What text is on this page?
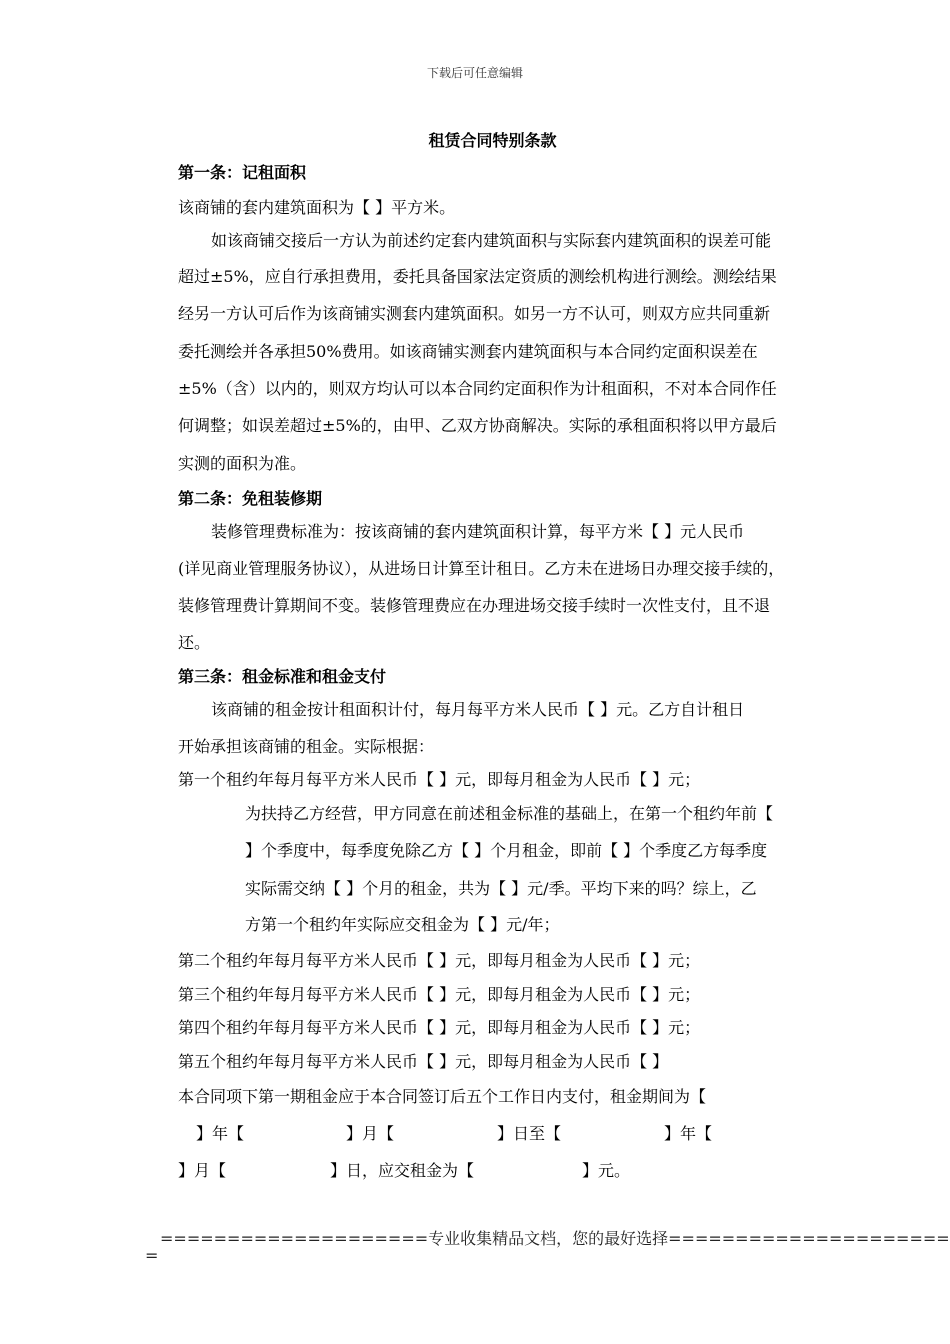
下载后可任意编辑
租赁合同特别条款
第一条：记租面积
该商铺的套内建筑面积为【 】平方米。
如该商铺交接后一方认为前述约定套内建筑面积与实际套内建筑面积的误差可能
超过±5%，应自行承担费用，委托具备国家法定资质的测绘机构进行测绘。测绘结果
经另一方认可后作为该商铺实测套内建筑面积。如另一方不认可，则双方应共同重新
委托测绘并各承担50%费用。如该商铺实测套内建筑面积与本合同约定面积误差在
±5%（含）以内的，则双方均认可以本合同约定面积作为计租面积，不对本合同作任
何调整；如误差超过±5%的，由甲、乙双方协商解决。实际的承租面积将以甲方最后
实测的面积为准。
第二条：免租装修期
装修管理费标准为：按该商铺的套内建筑面积计算，每平方米【 】元人民币
(详见商业管理服务协议），从进场日计算至计租日。乙方未在进场日办理交接手续的，
装修管理费计算期间不变。装修管理费应在办理进场交接手续时一次性支付，且不退
还。
第三条：租金标准和租金支付
该商铺的租金按计租面积计付，每月每平方米人民币【 】元。乙方自计租日
开始承担该商铺的租金。实际根据：
第一个租约年每月每平方米人民币【 】元，即每月租金为人民币【 】元；
为扶持乙方经营，甲方同意在前述租金标准的基础上，在第一个租约年前【
】个季度中，每季度免除乙方【 】个月租金，即前【 】个季度乙方每季度
实际需交纳【 】个月的租金，共为【 】元/季。平均下来的吗？综上，乙
方第一个租约年实际应交租金为【 】元/年；
第二个租约年每月每平方米人民币【 】元，即每月租金为人民币【 】元；
第三个租约年每月每平方米人民币【 】元，即每月租金为人民币【 】元；
第四个租约年每月每平方米人民币【 】元，即每月租金为人民币【 】元；
第五个租约年每月每平方米人民币【 】元，即每月租金为人民币【 】
本合同项下第一期租金应于本合同签订后五个工作日内支付，租金期间为【
】年【	】月【	】日至【	】年【
】月【	】日，应交租金为【	】元。
====================专业收集精品文档，您的最好选择=====================
=
